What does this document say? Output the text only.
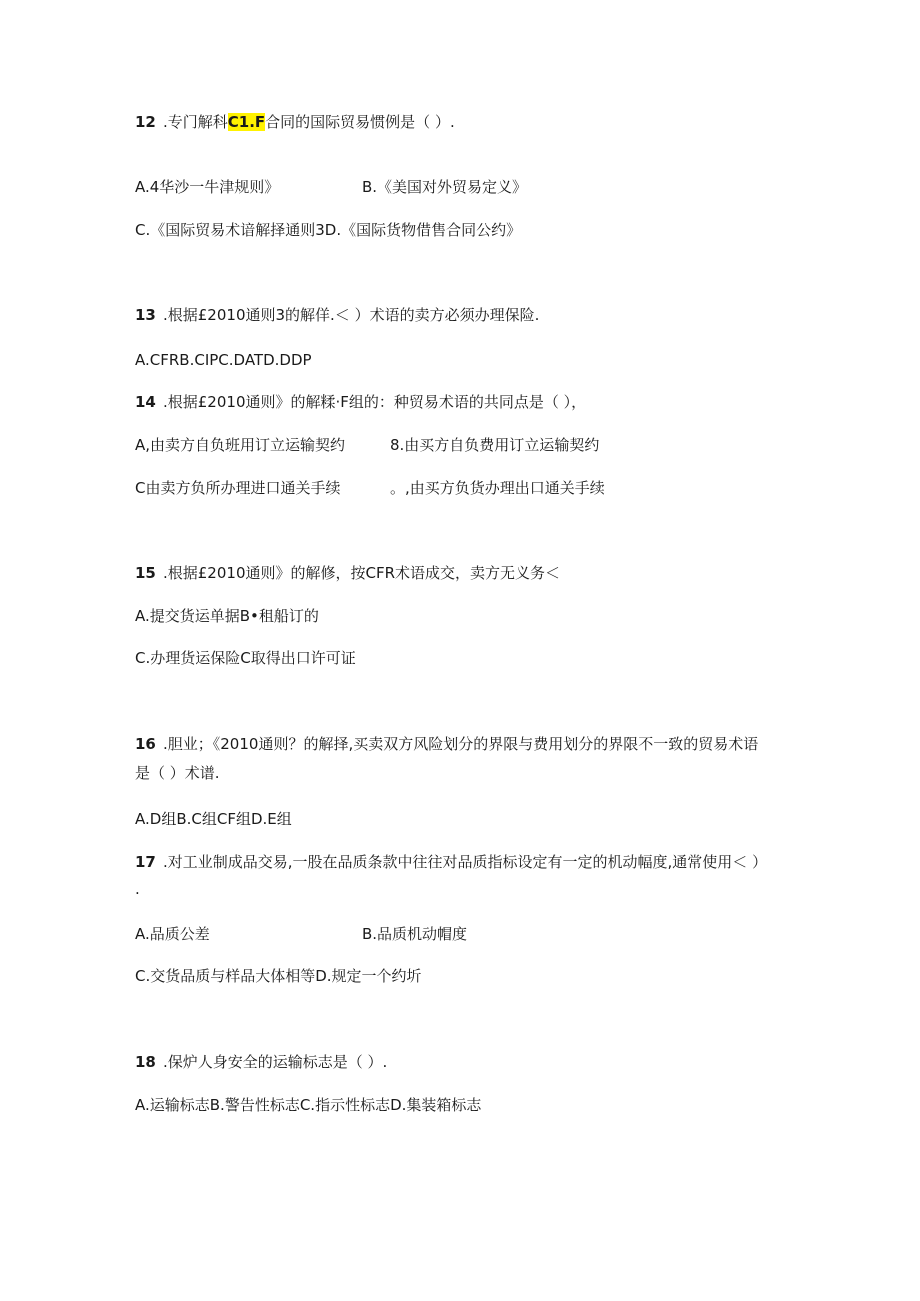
12 .专门解科C1.F合同的国际贸易惯例是（ ）.
A.4华沙一牛津规则》	B.《美国对外贸易定义》
C.《国际贸易术谙解择通则3D.《国际货物借售合同公约》
13 .根据£2010通则3的解佯.＜ ）术语的卖方必须办理保险.
A.CFRB.CIPC.DATD.DDP
14 .根据£2010通则》的解糅·F组的：种贸易术语的共同点是（ ），
A,由卖方自负班用订立运输契约	8.由买方自负费用订立运输契约
C由卖方负所办理进口通关手续	。,由买方负货办理出口通关手续
15 .根据£2010通则》的解修，按CFR术语成交，卖方无义务＜
A.提交货运单据B•租船订的
C.办理货运保险C取得出口许可证
16 .胆业；《2010通则？的解择,买卖双方风险划分的界限与费用划分的界限不一致的贸易术语
是（ ）术谱.
A.D组B.C组CF组D.E组
17 .对工业制成品交易,一股在品质条款中往往对品质指标设定有一定的机动幅度,通常使用＜ ）
.
A.品质公差	B.品质机动帽度
C.交货品质与样品大体相等D.规定一个约圻
18 .保炉人身安全的运输标志是（ ）.
A.运输标志B.警告性标志C.指示性标志D.集装箱标志
